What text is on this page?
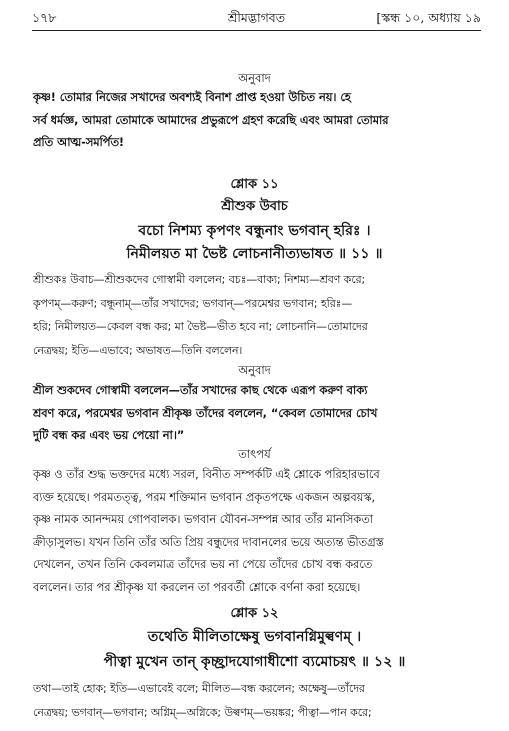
১৭৮	শ্রীমদ্ভাগবত	[স্কন্ধ ১০, অধ্যায় ১৯
অনুবাদ
কৃষ্ণ! তোমার নিজের সখাদের অবশ্যই বিনাশ প্রাপ্ত হওয়া উচিত নয়। হে
সর্ব ধর্মজ্ঞ, আমরা তোমাকে আমাদের প্রভুরূপে গ্রহণ করেছি এবং আমরা তোমার
প্রতি আত্ম-সমর্পিত!
শ্লোক ১১
শ্রীশুক উবাচ
বচো নিশম্য কৃপণং বন্ধুনাং ভগবান্ হরিঃ ।
নিমীলয়ত মা ভৈষ্ট লোচনানীত্যভাষত ॥ ১১ ॥
শ্রীশুকঃ উবাচ—শ্রীশুকদেব গোস্বামী বললেন; বচঃ—বাক্য; নিশম্য—শ্রবণ করে;
কৃপণম্—করুণ; বন্ধূনাম্—তাঁর সখাদের; ভগবান্—পরমেশ্বর ভগবান; হরিঃ—
হরি; নিমীলয়ত—কেবল বন্ধ কর; মা ভৈষ্ট—ভীত হবে না; লোচনানি—তোমাদের
নেত্রদ্বয়; ইতি—এভাবে; অভাষত—তিনি বললেন।
অনুবাদ
শ্রীল শুকদেব গোস্বামী বললেন—তাঁর সখাদের কাছ থেকে এরূপ করুণ বাক্য
শ্রবণ করে, পরমেশ্বর ভগবান শ্রীকৃষ্ণ তাঁদের বললেন, “কেবল তোমাদের চোখ
দুটি বন্ধ কর এবং ভয় পেয়ো না।”
তাৎপর্য
কৃষ্ণ ও তাঁর শুদ্ধ ভক্তদের মধ্যে সরল, বিনীত সম্পর্কটি এই শ্লোকে পরিহারভাবে
ব্যক্ত হয়েছে। পরমতত্ত্ব, পরম শক্তিমান ভগবান প্রকৃতপক্ষে একজন অল্পবয়স্ক,
কৃষ্ণ নামক আনন্দময় গোপবালক। ভগবান যৌবন-সম্পন্ন আর তাঁর মানসিকতা
ক্রীড়াসুলভ। যখন তিনি তাঁর অতি প্রিয় বন্ধুদের দাবানলের ভয়ে অত্যন্ত ভীতগ্রস্ত
দেখলেন, তখন তিনি কেবলমাত্র তাঁদের ভয় না পেয়ে তাঁদের চোখ বন্ধ করতে
বললেন। তার পর শ্রীকৃষ্ণ যা করলেন তা পরবর্তী শ্লোকে বর্ণনা করা হয়েছে।
শ্লোক ১২
তথেতি মীলিতাক্ষেষু ভগবানগ্নিমুল্বণম্ ।
পীত্বা মুখেন তান্ কৃচ্ছ্রাদযোগাধীশো ব্যমোচয়ৎ ॥ ১২ ॥
তথা—তাই হোক; ইতি—এভাবেই বলে; মীলিত—বন্ধ করলেন; অক্ষেষু—তাঁদের
নেত্রদ্বয়; ভগবান্—ভগবান; অগ্নিম্—অগ্নিকে; উল্বণম্—ভয়ঙ্কর; পীত্বা—পান করে;
